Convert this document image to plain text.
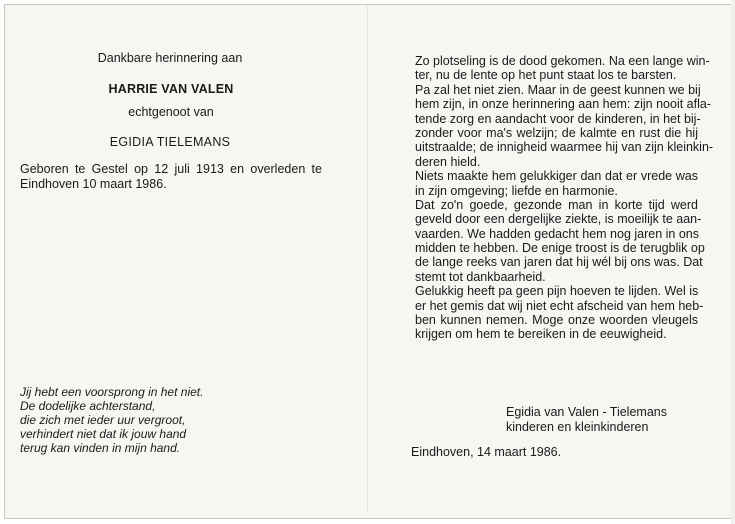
Dankbare herinnering aan
HARRIE VAN VALEN
echtgenoot van
EGIDIA TIELEMANS
Geboren te Gestel op 12 juli 1913 en overleden te
Eindhoven 10 maart 1986.
Jij hebt een voorsprong in het niet.
De dodelijke achterstand,
die zich met ieder uur vergroot,
verhindert niet dat ik jouw hand
terug kan vinden in mijn hand.
Zo plotseling is de dood gekomen. Na een lange win-
ter, nu de lente op het punt staat los te barsten.
Pa zal het niet zien. Maar in de geest kunnen we bij
hem zijn, in onze herinnering aan hem: zijn nooit afla-
tende zorg en aandacht voor de kinderen, in het bij-
zonder voor ma's welzijn; de kalmte en rust die hij
uitstraalde; de innigheid waarmee hij van zijn kleinkin-
deren hield.
Niets maakte hem gelukkiger dan dat er vrede was
in zijn omgeving; liefde en harmonie.
Dat zo'n goede, gezonde man in korte tijd werd
geveld door een dergelijke ziekte, is moeilijk te aan-
vaarden. We hadden gedacht hem nog jaren in ons
midden te hebben. De enige troost is de terugblik op
de lange reeks van jaren dat hij wél bij ons was. Dat
stemt tot dankbaarheid.
Gelukkig heeft pa geen pijn hoeven te lijden. Wel is
er het gemis dat wij niet echt afscheid van hem heb-
ben kunnen nemen. Moge onze woorden vleugels
krijgen om hem te bereiken in de eeuwigheid.
Egidia van Valen - Tielemans
kinderen en kleinkinderen
Eindhoven, 14 maart 1986.
